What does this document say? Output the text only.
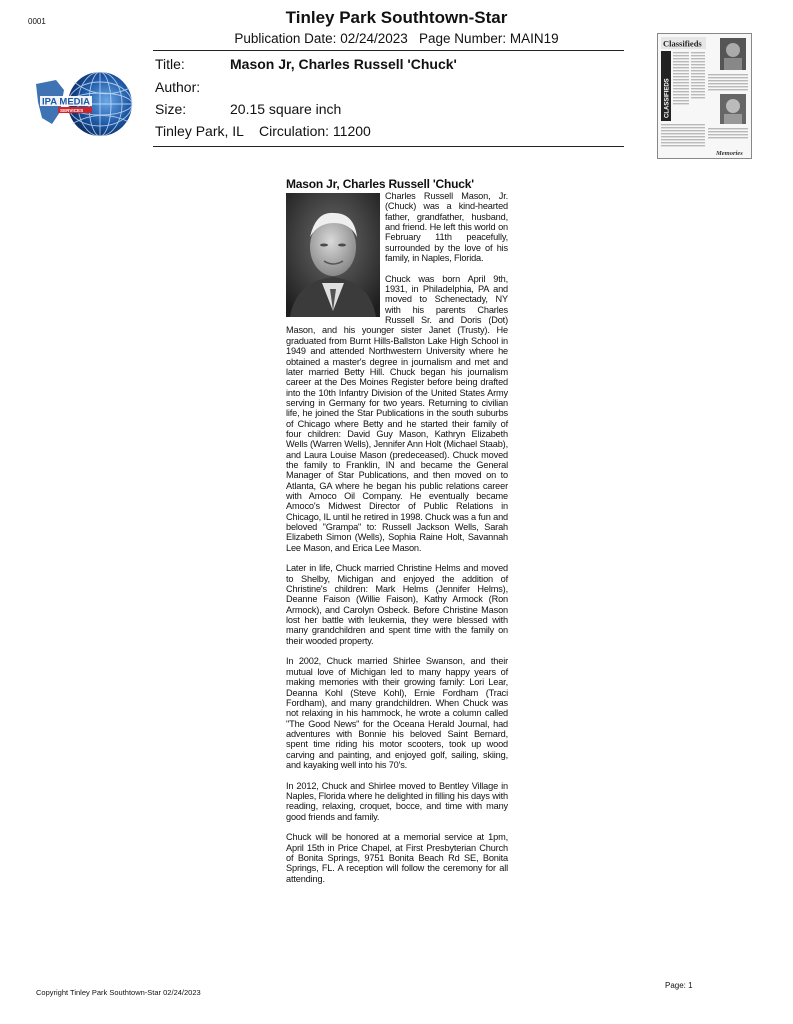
0001	Tinley Park Southtown-Star
Publication Date: 02/24/2023 Page Number: MAIN19
Title:	Mason Jr, Charles Russell 'Chuck'
Author:
Size:	20.15 square inch
Tinley Park, IL Circulation: 11200
IPA MEDIA
SERVICES
Classifieds
CLASSIFIEDS
Memories
Mason Jr, Charles Russell 'Chuck'

Charles Russell Mason, Jr. (Chuck) was a kind-hearted father, grandfather, husband, and friend. He left this world on February 11th peacefully, surrounded by the love of his family, in Naples, Florida.

Chuck was born April 9th, 1931, in Philadelphia, PA and moved to Schenectady, NY with his parents Charles Russell Sr. and Doris (Dot) Mason, and his younger sister Janet (Trusty). He graduated from Burnt Hills-Ballston Lake High School in 1949 and attended Northwestern University where he obtained a master's degree in journalism and met and later married Betty Hill. Chuck began his journalism career at the Des Moines Register before being drafted into the 10th Infantry Division of the United States Army serving in Germany for two years. Returning to civilian life, he joined the Star Publications in the south suburbs of Chicago where Betty and he started their family of four children: David Guy Mason, Kathryn Elizabeth Wells (Warren Wells), Jennifer Ann Holt (Michael Staab), and Laura Louise Mason (predeceased). Chuck moved the family to Franklin, IN and became the General Manager of Star Publications, and then moved on to Atlanta, GA where he began his public relations career with Amoco Oil Company. He eventually became Amoco's Midwest Director of Public Relations in Chicago, IL until he retired in 1998. Chuck was a fun and beloved "Grampa" to: Russell Jackson Wells, Sarah Elizabeth Simon (Wells), Sophia Raine Holt, Savannah Lee Mason, and Erica Lee Mason.

Later in life, Chuck married Christine Helms and moved to Shelby, Michigan and enjoyed the addition of Christine's children: Mark Helms (Jennifer Helms), Deanne Faison (Willie Faison), Kathy Armock (Ron Armock), and Carolyn Osbeck. Before Christine Mason lost her battle with leukemia, they were blessed with many grandchildren and spent time with the family on their wooded property.

In 2002, Chuck married Shirlee Swanson, and their mutual love of Michigan led to many happy years of making memories with their growing family: Lori Lear, Deanna Kohl (Steve Kohl), Ernie Fordham (Traci Fordham), and many grandchildren. When Chuck was not relaxing in his hammock, he wrote a column called "The Good News" for the Oceana Herald Journal, had adventures with Bonnie his beloved Saint Bernard, spent time riding his motor scooters, took up wood carving and painting, and enjoyed golf, sailing, skiing, and kayaking well into his 70's.

In 2012, Chuck and Shirlee moved to Bentley Village in Naples, Florida where he delighted in filling his days with reading, relaxing, croquet, bocce, and time with many good friends and family.

Chuck will be honored at a memorial service at 1pm, April 15th in Price Chapel, at First Presbyterian Church of Bonita Springs, 9751 Bonita Beach Rd SE, Bonita Springs, FL. A reception will follow the ceremony for all attending.

Copyright Tinley Park Southtown-Star 02/24/2023
Page: 1
